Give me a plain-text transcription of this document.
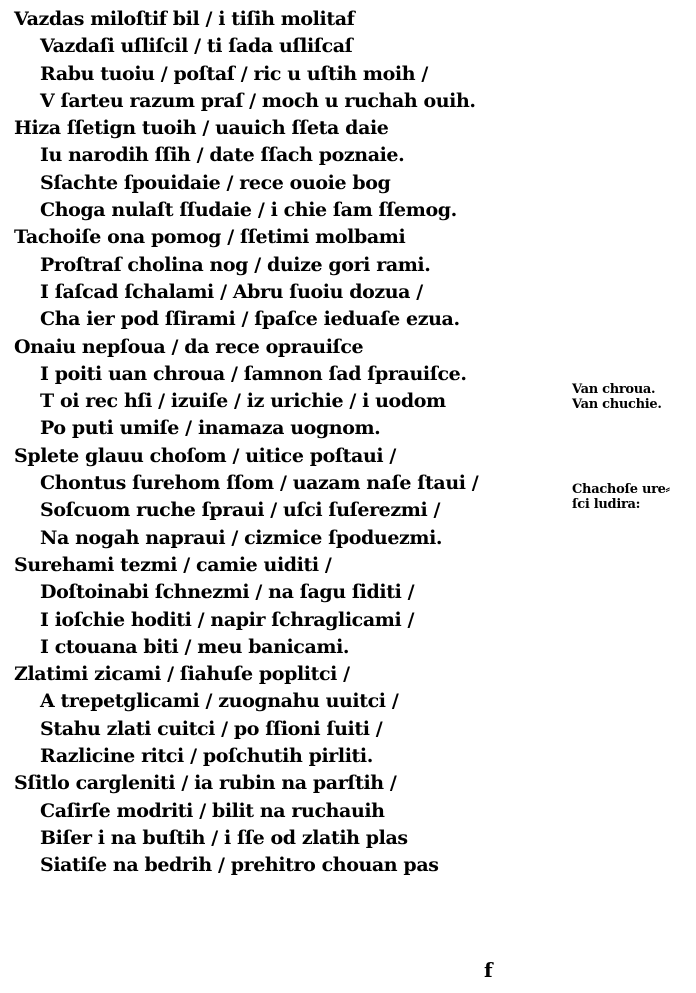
Vazdas miloſtif bil / i tiſih molitaf
Vazdaſi uſliſcil / ti ſada uſliſcaſ
Rabu tuoiu / poſtaſ / ric u uſtih moih /
V ſarteu razum praſ / moch u ruchah ouih.
Hiza ſſetign tuoih / uauich ſſeta daie
Iu narodih ſſih / date ſſach poznaie.
Sſachte ſpouidaie / rece ouoie bog
Choga nulaſt ſſudaie / i chie ſam ſſemog.
Tachoiſe ona pomog / ſſetimi molbami
Proſtraſ cholina nog / duize gori rami.
I ſaſcad ſchalami / Abru ſuoiu dozua /
Cha ier pod ſſirami / ſpaſce ieduaſe ezua.
Onaiu nepſoua / da rece oprauiſce
I poiti uan chroua / ſamnon ſad ſprauiſce.
T oi rec hſi / izuiſe / iz urichie / i uodom
Po puti umiſe / inamaza uognom.
Splete glauu choſom / uitice poſtaui /
Chontus ſurehom ſſom / uazam naſe ſtaui /
Soſcuom ruche ſpraui / uſci ſuſerezmi /
Na nogah napraui / cizmice ſpoduezmi.
Surehami tezmi / camie uiditi /
Doſtoinabi ſchnezmi / na ſagu ſiditi /
I ioſchie hoditi / napir ſchraglicami /
I ctouana biti / meu banicami.
Zlatimi zicami / ſiahuſe poplitci /
A trepetglicami / zuognahu uuitci /
Stahu zlati cuitci / po ſſioni ſuiti /
Razlicine ritci / poſchutih pirliti.
Sſitlo cargleniti / ia rubin na parſtih /
Caſirſe modriti / bilit na ruchauih
Biſer i na buſtih / i ſſe od zlatih plas
Siatiſe na bedrih / prehitro chouan pas
Van chroua.
Van chuchie.
Chachoſe ure⸗
ſci ludira:
f
